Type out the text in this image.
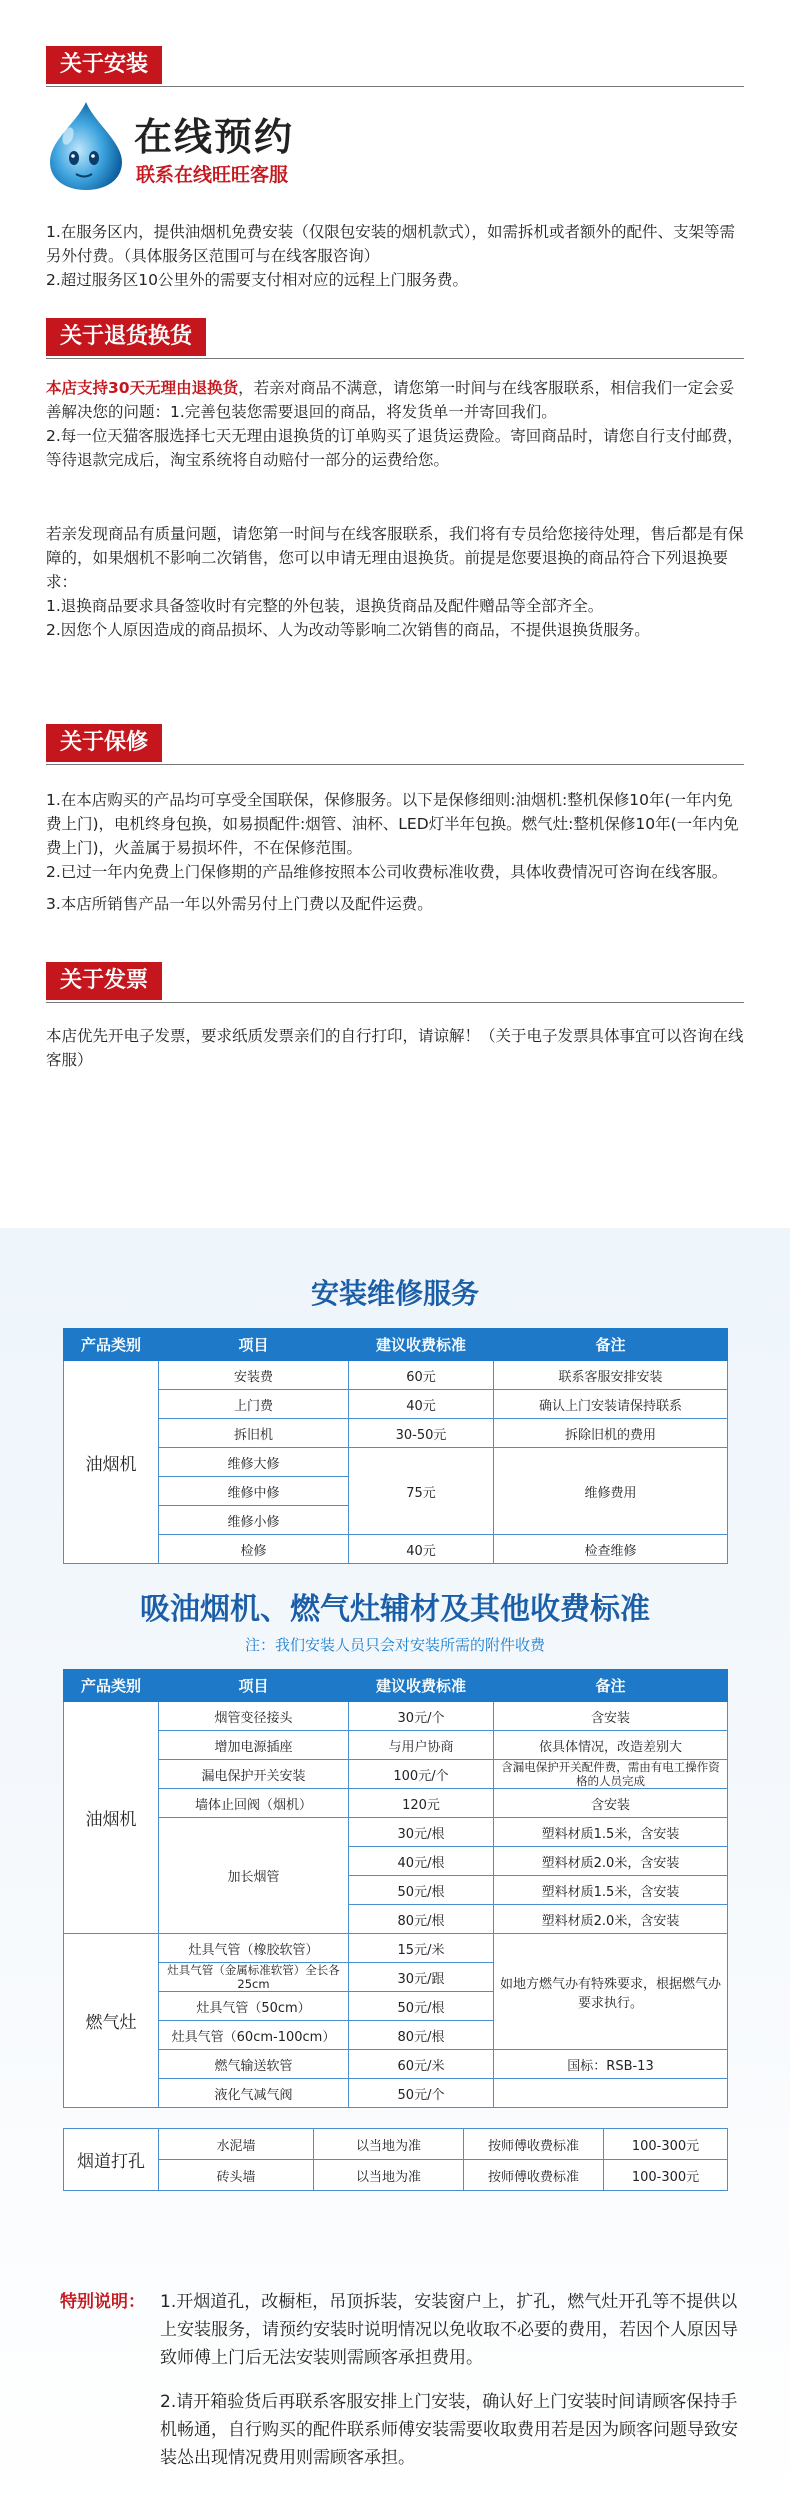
关于安装
在线预约
联系在线旺旺客服

1.在服务区内，提供油烟机免费安装（仅限包安装的烟机款式），如需拆机或者额外的配件、支架等需另外付费。（具体服务区范围可与在线客服咨询）

2.超过服务区10公里外的需要支付相对应的远程上门服务费。

关于退货换货

本店支持30天无理由退换货，若亲对商品不满意，请您第一时间与在线客服联系，相信我们一定会妥善解决您的问题：1.完善包装您需要退回的商品，将发货单一并寄回我们。

2.每一位天猫客服选择七天无理由退换货的订单购买了退货运费险。寄回商品时，请您自行支付邮费，等待退款完成后，淘宝系统将自动赔付一部分的运费给您。

若亲发现商品有质量问题，请您第一时间与在线客服联系，我们将有专员给您接待处理，售后都是有保障的，如果烟机不影响二次销售，您可以申请无理由退换货。前提是您要退换的商品符合下列退换要求：

1.退换商品要求具备签收时有完整的外包装，退换货商品及配件赠品等全部齐全。

2.因您个人原因造成的商品损坏、人为改动等影响二次销售的商品，不提供退换货服务。

关于保修

1.在本店购买的产品均可享受全国联保，保修服务。以下是保修细则:油烟机:整机保修10年(一年内免费上门)，电机终身包换，如易损配件:烟管、油杯、LED灯半年包换。燃气灶:整机保修10年(一年内免费上门)，火盖属于易损坏件，不在保修范围。

2.已过一年内免费上门保修期的产品维修按照本公司收费标准收费，具体收费情况可咨询在线客服。

3.本店所销售产品一年以外需另付上门费以及配件运费。

关于发票

本店优先开电子发票，要求纸质发票亲们的自行打印，请谅解！（关于电子发票具体事宜可以咨询在线客服）

安装维修服务
产品类别	项目	建议收费标准	备注
油烟机	安装费	60元	联系客服安排安装
	上门费	40元	确认上门安装请保持联系
	拆旧机	30-50元	拆除旧机的费用
	维修大修	75元	维修费用
	维修中修		
	维修小修		
	检修	40元	检查维修
吸油烟机、燃气灶辅材及其他收费标准
注：我们安装人员只会对安装所需的附件收费
产品类别	项目	建议收费标准	备注
油烟机	烟管变径接头	30元/个	含安装
	增加电源插座	与用户协商	依具体情况，改造差别大
	漏电保护开关安装	100元/个	含漏电保护开关配件费，需由有电工操作资格的人员完成
	墙体止回阀（烟机）	120元	含安装
	加长烟管	30元/根	塑料材质1.5米，含安装
		40元/根	塑料材质2.0米，含安装
		50元/根	塑料材质1.5米，含安装
		80元/根	塑料材质2.0米，含安装
燃气灶	灶具气管（橡胶软管）	15元/米	如地方燃气办有特殊要求，根据燃气办要求执行。
	灶具气管（金属标准软管）全长各25cm	30元/跟	
	灶具气管（50cm）	50元/根	
	灶具气管（60cm-100cm）	80元/根	
	燃气输送软管	60元/米	国标：RSB-13
	液化气减气阀	50元/个	
烟道打孔	水泥墙	以当地为准	按师傅收费标准	100-300元
	砖头墙	以当地为准	按师傅收费标准	100-300元
特别说明： 1.开烟道孔，改橱柜，吊顶拆装，安装窗户上，扩孔，燃气灶开孔等不提供以上安装服务，请预约安装时说明情况以免收取不必要的费用，若因个人原因导致师傅上门后无法安装则需顾客承担费用。
2.请开箱验货后再联系客服安排上门安装，确认好上门安装时间请顾客保持手机畅通，自行购买的配件联系师傅安装需要收取费用若是因为顾客问题导致安装怂出现情况费用则需顾客承担。
